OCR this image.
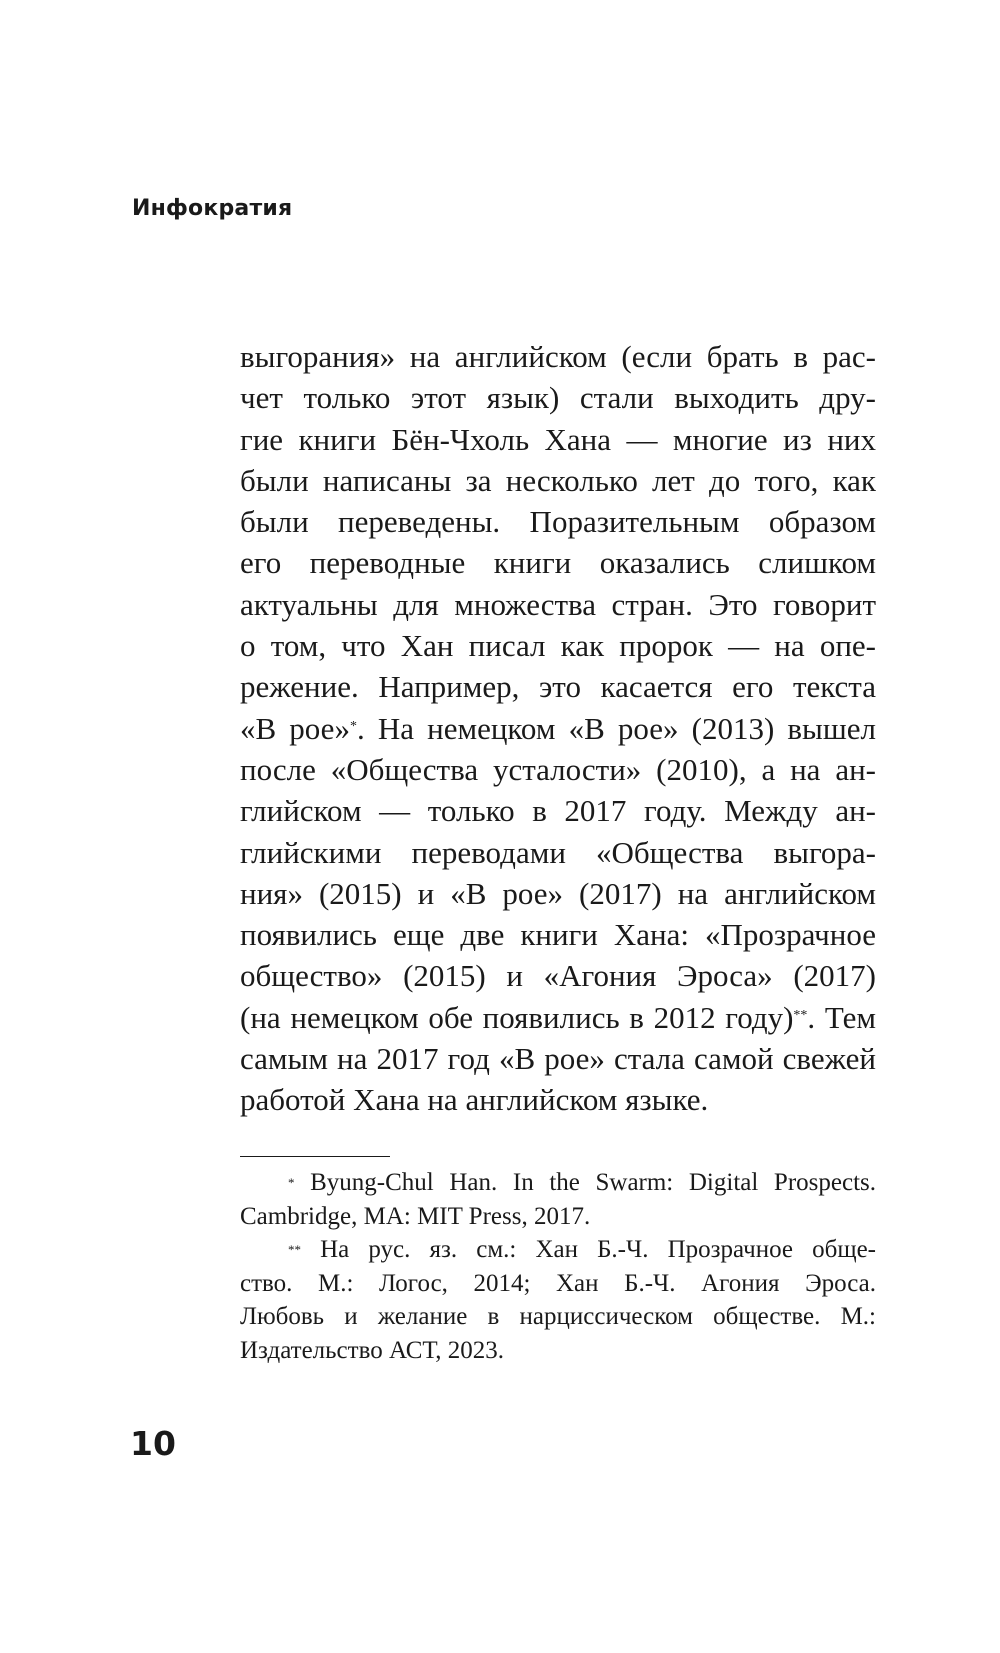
Инфократия
выгорания» на английском (если брать в рас-
чет только этот язык) стали выходить дру-
гие книги Бён-Чхоль Хана — многие из них
были написаны за несколько лет до того, как
были переведены. Поразительным образом
его переводные книги оказались слишком
актуальны для множества стран. Это говорит
о том, что Хан писал как пророк — на опе-
режение. Например, это касается его текста
«В рое»*. На немецком «В рое» (2013) вышел
после «Общества усталости» (2010), а на ан-
глийском — только в 2017 году. Между ан-
глийскими переводами «Общества выгора-
ния» (2015) и «В рое» (2017) на английском
появились еще две книги Хана: «Прозрачное
общество» (2015) и «Агония Эроса» (2017)
(на немецком обе появились в 2012 году)**. Тем
самым на 2017 год «В рое» стала самой свежей
работой Хана на английском языке.
* Byung-Chul Han. In the Swarm: Digital Prospects.
Cambridge, MA: MIT Press, 2017.
** На рус. яз. см.: Хан Б.-Ч. Прозрачное обще-
ство. М.: Логос, 2014; Хан Б.-Ч. Агония Эроса.
Любовь и желание в нарциссическом обществе. М.:
Издательство АСТ, 2023.
10
